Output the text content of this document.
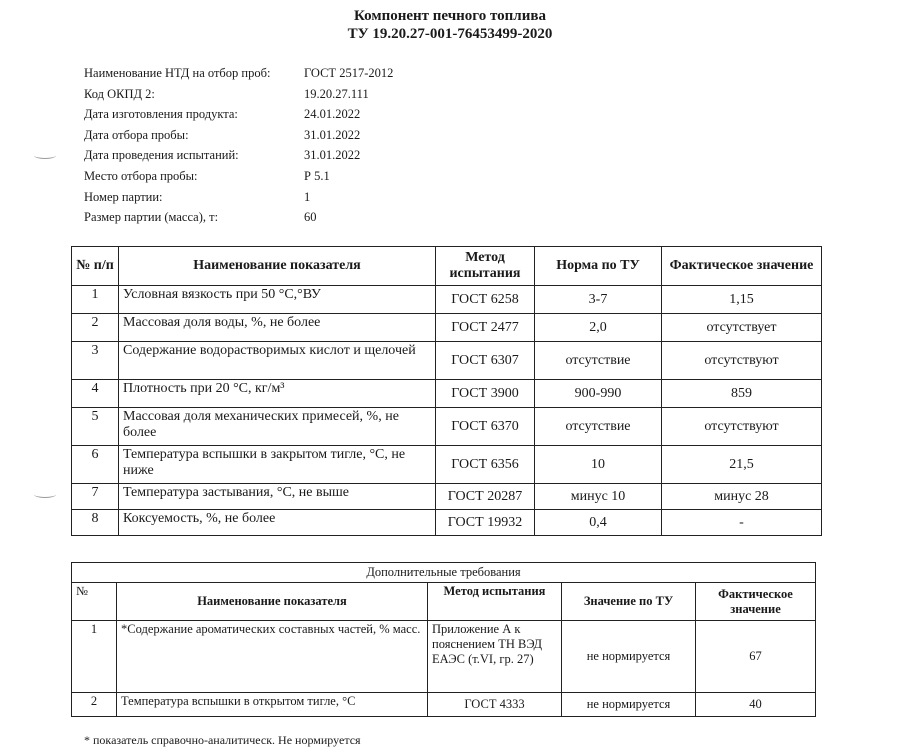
Компонент печного топлива
ТУ 19.20.27-001-76453499-2020
Наименование НТД на отбор проб:	ГОСТ 2517-2012
Код ОКПД 2:	19.20.27.111
Дата изготовления продукта:	24.01.2022
Дата отбора пробы:	31.01.2022
Дата проведения испытаний:	31.01.2022
Место отбора пробы:	Р 5.1
Номер партии:	1
Размер партии (масса), т:	60
№ п/п	Наименование показателя	Метод испытания	Норма по ТУ	Фактическое значение
1	Условная вязкость при 50 °С,°ВУ	ГОСТ 6258	3-7	1,15
2	Массовая доля воды, %, не более	ГОСТ 2477	2,0	отсутствует
3	Содержание водорастворимых кислот и щелочей	ГОСТ 6307	отсутствие	отсутствуют
4	Плотность при 20 °С, кг/м³	ГОСТ 3900	900-990	859
5	Массовая доля механических примесей, %, не более	ГОСТ 6370	отсутствие	отсутствуют
6	Температура вспышки в закрытом тигле, °С, не ниже	ГОСТ 6356	10	21,5
7	Температура застывания, °С, не выше	ГОСТ 20287	минус 10	минус 28
8	Коксуемость, %, не более	ГОСТ 19932	0,4	-
Дополнительные требования				
№	Наименование показателя	Метод испытания	Значение по ТУ	Фактическое значение
1	*Содержание ароматических составных частей, % масс.	Приложение А к пояснением ТН ВЭД ЕАЭС (т.VI, гр. 27)	не нормируется	67
2	Температура вспышки в открытом тигле, °С	ГОСТ 4333	не нормируется	40
* показатель справочно-аналитическ. Не нормируется
